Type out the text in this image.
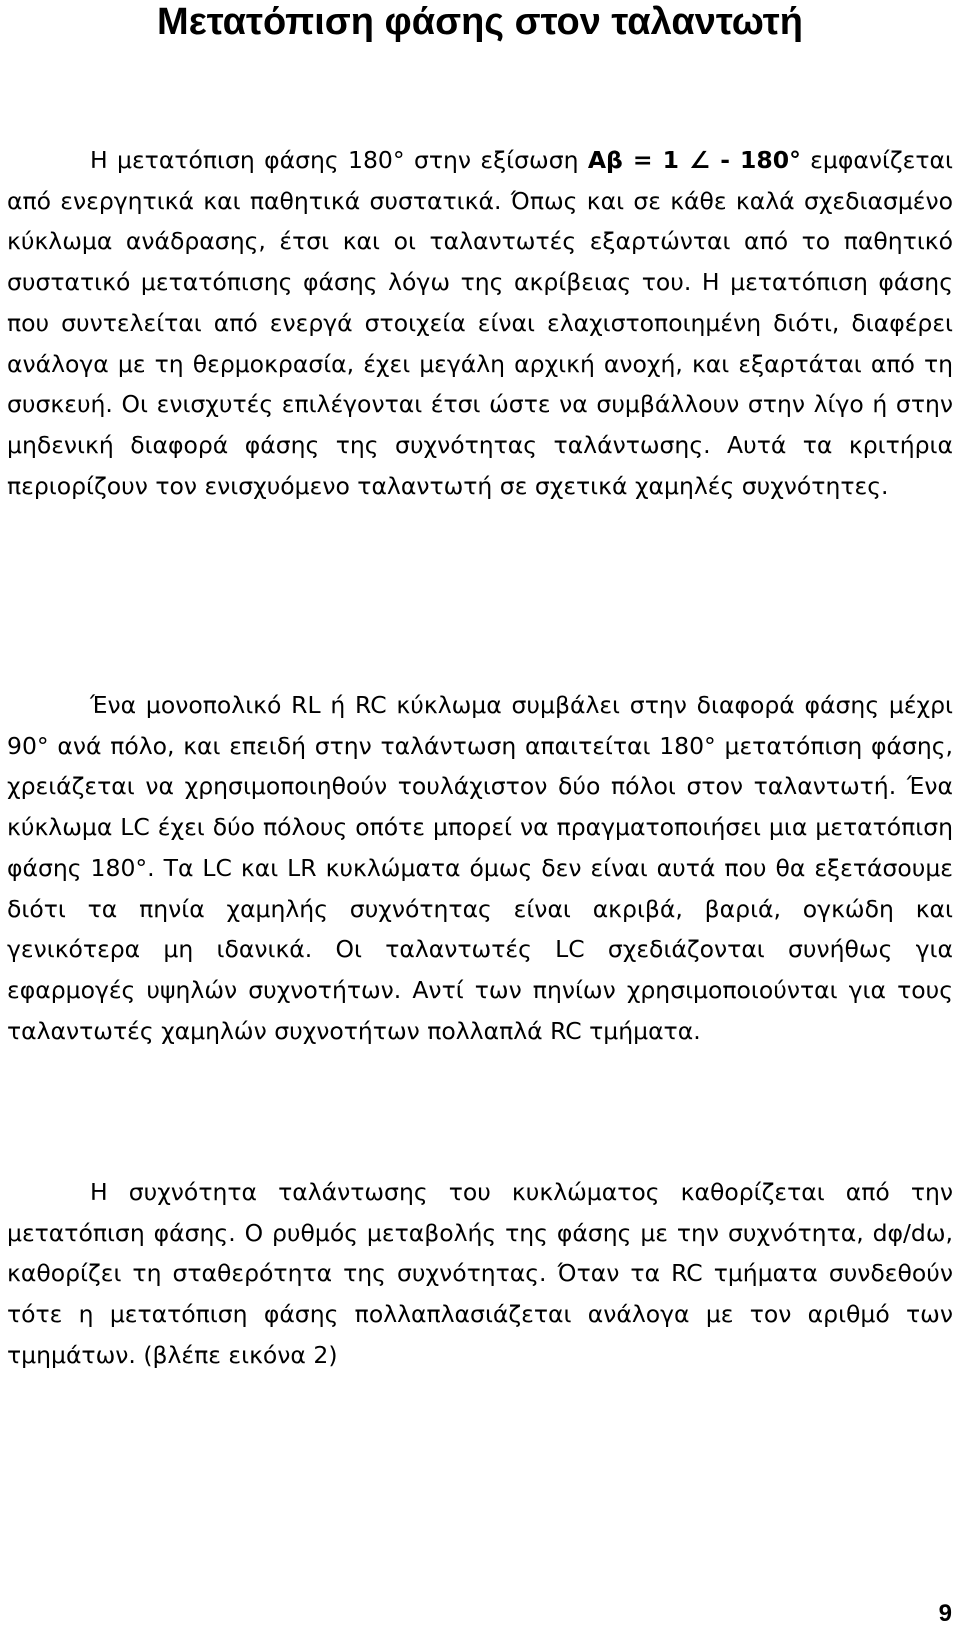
Μετατόπιση φάσης στον ταλαντωτή

Η μετατόπιση φάσης 180° στην εξίσωση Αβ = 1 ∠ - 180° εμφανίζεται από ενεργητικά και παθητικά συστατικά. Όπως και σε κάθε καλά σχεδιασμένο κύκλωμα ανάδρασης, έτσι και οι ταλαντωτές εξαρτώνται από το παθητικό συστατικό μετατόπισης φάσης λόγω της ακρίβειας του. Η μετατόπιση φάσης που συντελείται από ενεργά στοιχεία είναι ελαχιστοποιημένη διότι, διαφέρει ανάλογα με τη θερμοκρασία, έχει μεγάλη αρχική ανοχή, και εξαρτάται από τη συσκευή. Οι ενισχυτές επιλέγονται έτσι ώστε να συμβάλλουν στην λίγο ή στην μηδενική διαφορά φάσης της συχνότητας ταλάντωσης. Αυτά τα κριτήρια περιορίζουν τον ενισχυόμενο ταλαντωτή σε σχετικά χαμηλές συχνότητες.

Ένα μονοπολικό RL ή RC κύκλωμα συμβάλει στην διαφορά φάσης μέχρι 90° ανά πόλο, και επειδή στην ταλάντωση απαιτείται 180° μετατόπιση φάσης, χρειάζεται να χρησιμοποιηθούν τουλάχιστον δύο πόλοι στον ταλαντωτή. Ένα κύκλωμα LC έχει δύο πόλους οπότε μπορεί να πραγματοποιήσει μια μετατόπιση φάσης 180°. Τα LC και LR κυκλώματα όμως δεν είναι αυτά που θα εξετάσουμε διότι τα πηνία χαμηλής συχνότητας είναι ακριβά, βαριά, ογκώδη και γενικότερα μη ιδανικά. Οι ταλαντωτές LC σχεδιάζονται συνήθως για εφαρμογές υψηλών συχνοτήτων. Αντί των πηνίων χρησιμοποιούνται για τους ταλαντωτές χαμηλών συχνοτήτων πολλαπλά RC τμήματα.

Η συχνότητα ταλάντωσης του κυκλώματος καθορίζεται από την μετατόπιση φάσης. Ο ρυθμός μεταβολής της φάσης με την συχνότητα, dφ/dω, καθορίζει τη σταθερότητα της συχνότητας. Όταν τα RC τμήματα συνδεθούν τότε η μετατόπιση φάσης πολλαπλασιάζεται ανάλογα με τον αριθμό των τμημάτων. (βλέπε εικόνα 2)

9
